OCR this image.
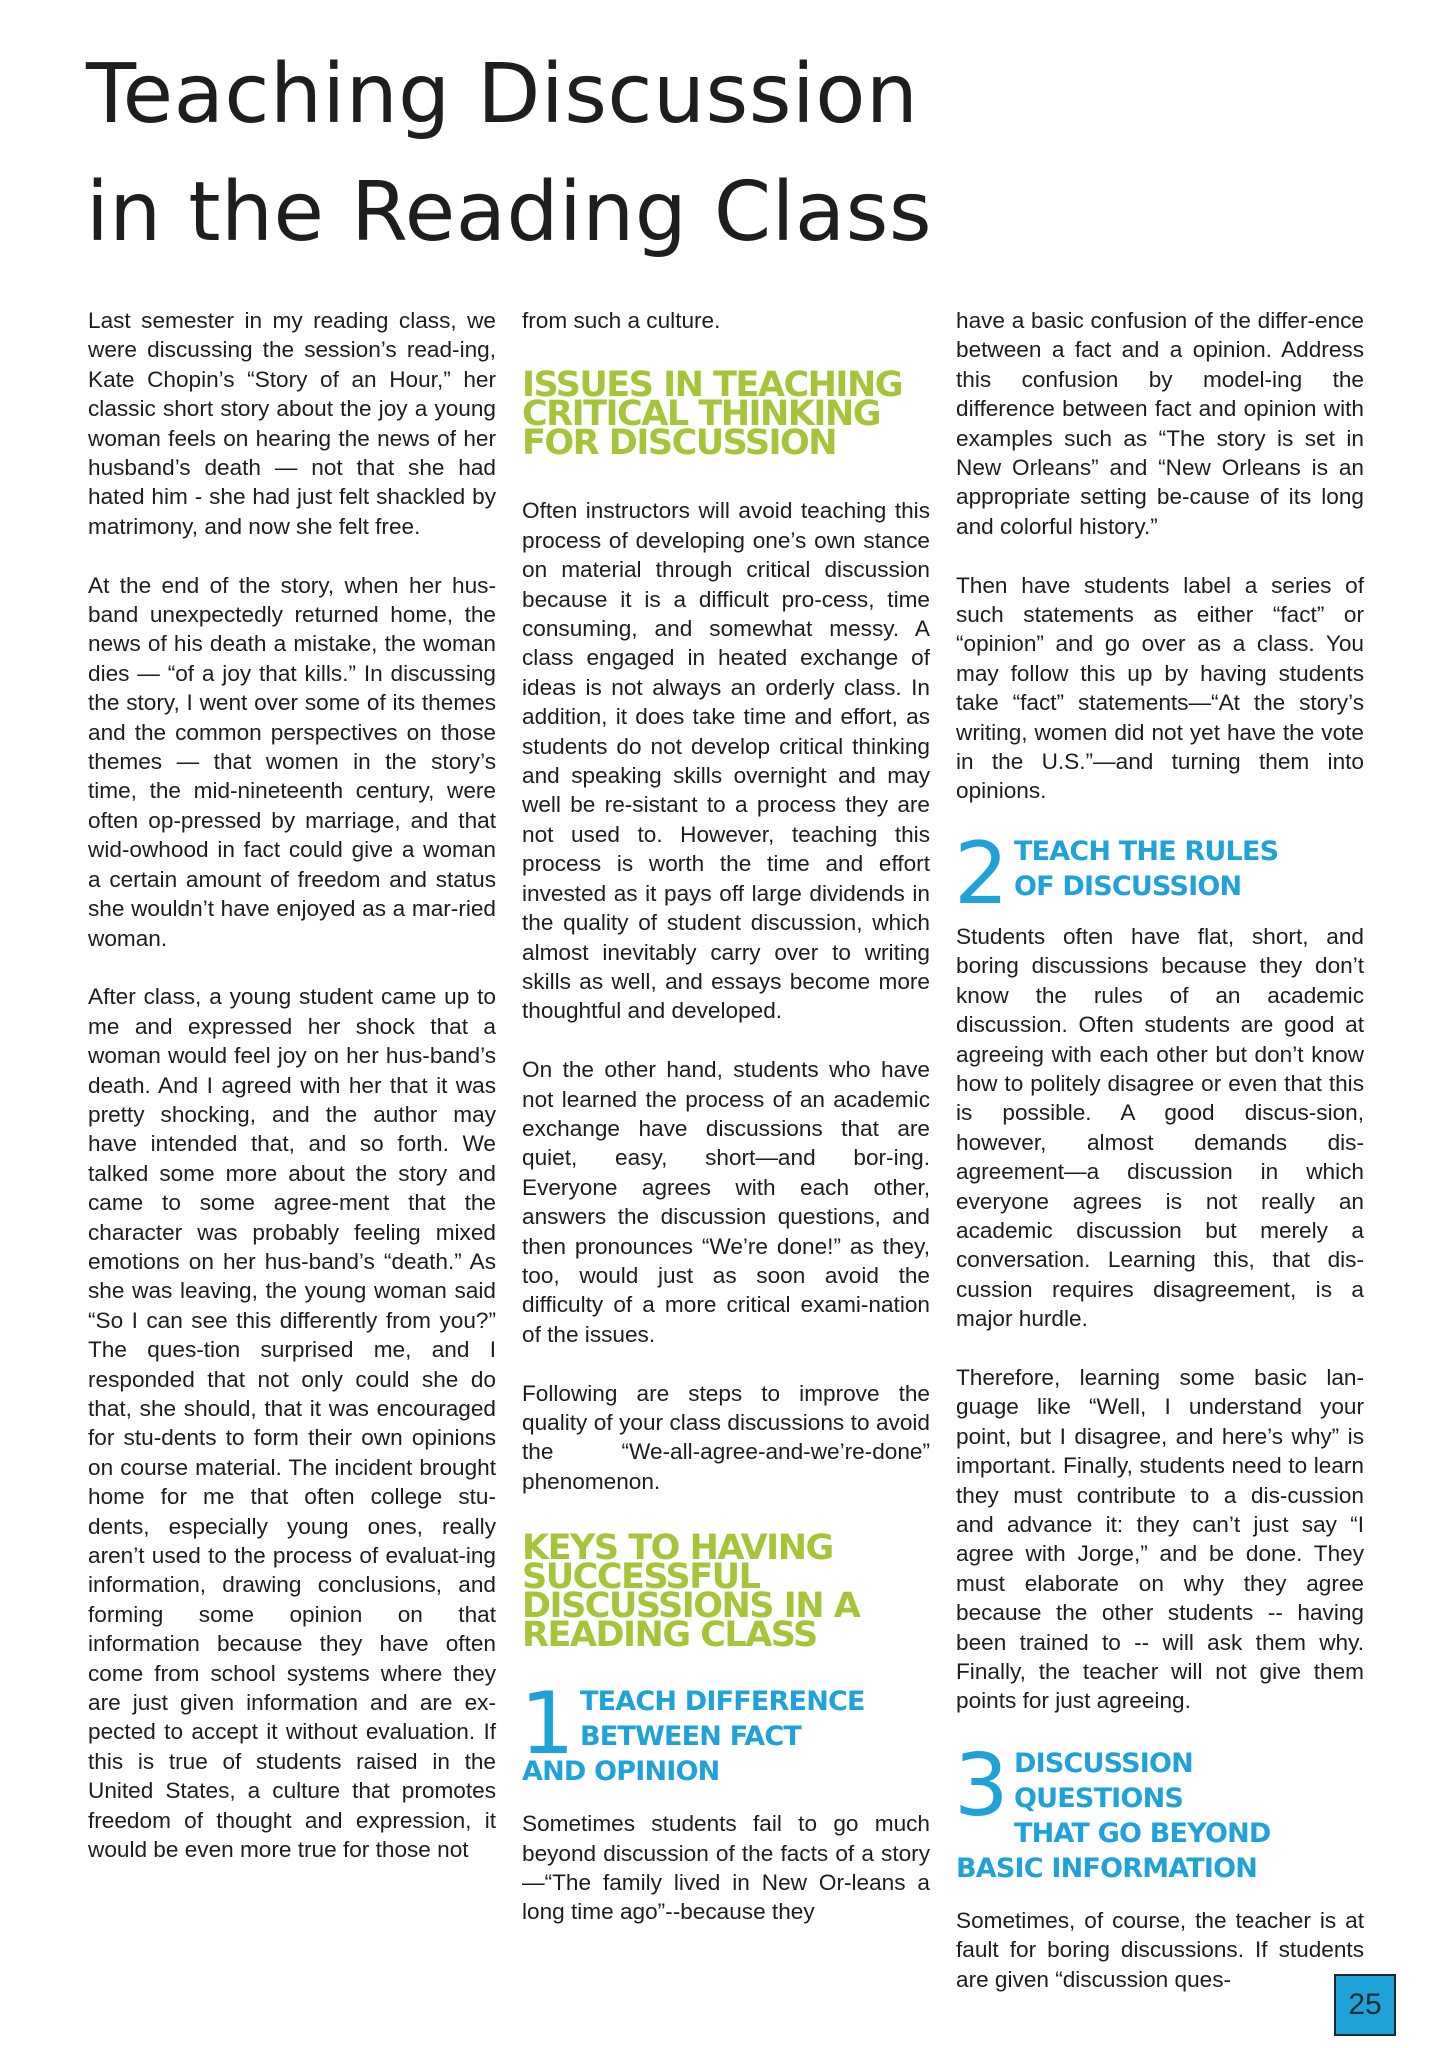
Teaching Discussion
in the Reading Class

Last semester in my reading class, we were discussing the session’s read-ing, Kate Chopin’s “Story of an Hour,” her classic short story about the joy a young woman feels on hearing the news of her husband’s death — not that she had hated him - she had just felt shackled by matrimony, and now she felt free.

At the end of the story, when her hus-band unexpectedly returned home, the news of his death a mistake, the woman dies — “of a joy that kills.” In discussing the story, I went over some of its themes and the common perspectives on those themes — that women in the story’s time, the mid-nineteenth century, were often op-pressed by marriage, and that wid-owhood in fact could give a woman a certain amount of freedom and status she wouldn’t have enjoyed as a mar-ried woman.

After class, a young student came up to me and expressed her shock that a woman would feel joy on her hus-band’s death. And I agreed with her that it was pretty shocking, and the author may have intended that, and so forth. We talked some more about the story and came to some agree-ment that the character was probably feeling mixed emotions on her hus-band’s “death.” As she was leaving, the young woman said “So I can see this differently from you?” The ques-tion surprised me, and I responded that not only could she do that, she should, that it was encouraged for stu-dents to form their own opinions on course material. The incident brought home for me that often college stu-dents, especially young ones, really aren’t used to the process of evaluat-ing information, drawing conclusions, and forming some opinion on that information because they have often come from school systems where they are just given information and are ex-pected to accept it without evaluation. If this is true of students raised in the United States, a culture that promotes freedom of thought and expression, it would be even more true for those not

from such a culture.

ISSUES IN TEACHING
CRITICAL THINKING
FOR DISCUSSION

Often instructors will avoid teaching this process of developing one’s own stance on material through critical discussion because it is a difficult pro-cess, time consuming, and somewhat messy. A class engaged in heated exchange of ideas is not always an orderly class. In addition, it does take time and effort, as students do not develop critical thinking and speaking skills overnight and may well be re-sistant to a process they are not used to. However, teaching this process is worth the time and effort invested as it pays off large dividends in the quality of student discussion, which almost inevitably carry over to writing skills as well, and essays become more thoughtful and developed.

On the other hand, students who have not learned the process of an academic exchange have discussions that are quiet, easy, short—and bor-ing. Everyone agrees with each other, answers the discussion questions, and then pronounces “We’re done!” as they, too, would just as soon avoid the difficulty of a more critical exami-nation of the issues.

Following are steps to improve the quality of your class discussions to avoid the “We-all-agree-and-we’re-done” phenomenon.

KEYS TO HAVING
SUCCESSFUL
DISCUSSIONS IN A
READING CLASS
1 TEACH DIFFERENCE
BETWEEN FACT
AND OPINION

Sometimes students fail to go much beyond discussion of the facts of a story—“The family lived in New Or-leans a long time ago”--because they

have a basic confusion of the differ-ence between a fact and a opinion. Address this confusion by model-ing the difference between fact and opinion with examples such as “The story is set in New Orleans” and “New Orleans is an appropriate setting be-cause of its long and colorful history.”

Then have students label a series of such statements as either “fact” or “opinion” and go over as a class. You may follow this up by having students take “fact” statements—“At the story’s writing, women did not yet have the vote in the U.S.”—and turning them into opinions.

2 TEACH THE RULES
OF DISCUSSION

Students often have flat, short, and boring discussions because they don’t know the rules of an academic discussion. Often students are good at agreeing with each other but don’t know how to politely disagree or even that this is possible. A good discus-sion, however, almost demands dis-agreement—a discussion in which everyone agrees is not really an academic discussion but merely a conversation. Learning this, that dis-cussion requires disagreement, is a major hurdle.

Therefore, learning some basic lan-guage like “Well, I understand your point, but I disagree, and here’s why” is important. Finally, students need to learn they must contribute to a dis-cussion and advance it: they can’t just say “I agree with Jorge,” and be done. They must elaborate on why they agree because the other students -- having been trained to -- will ask them why. Finally, the teacher will not give them points for just agreeing.

3 DISCUSSION QUESTIONS
THAT GO BEYOND
BASIC INFORMATION

Sometimes, of course, the teacher is at fault for boring discussions. If students are given “discussion ques-

25
